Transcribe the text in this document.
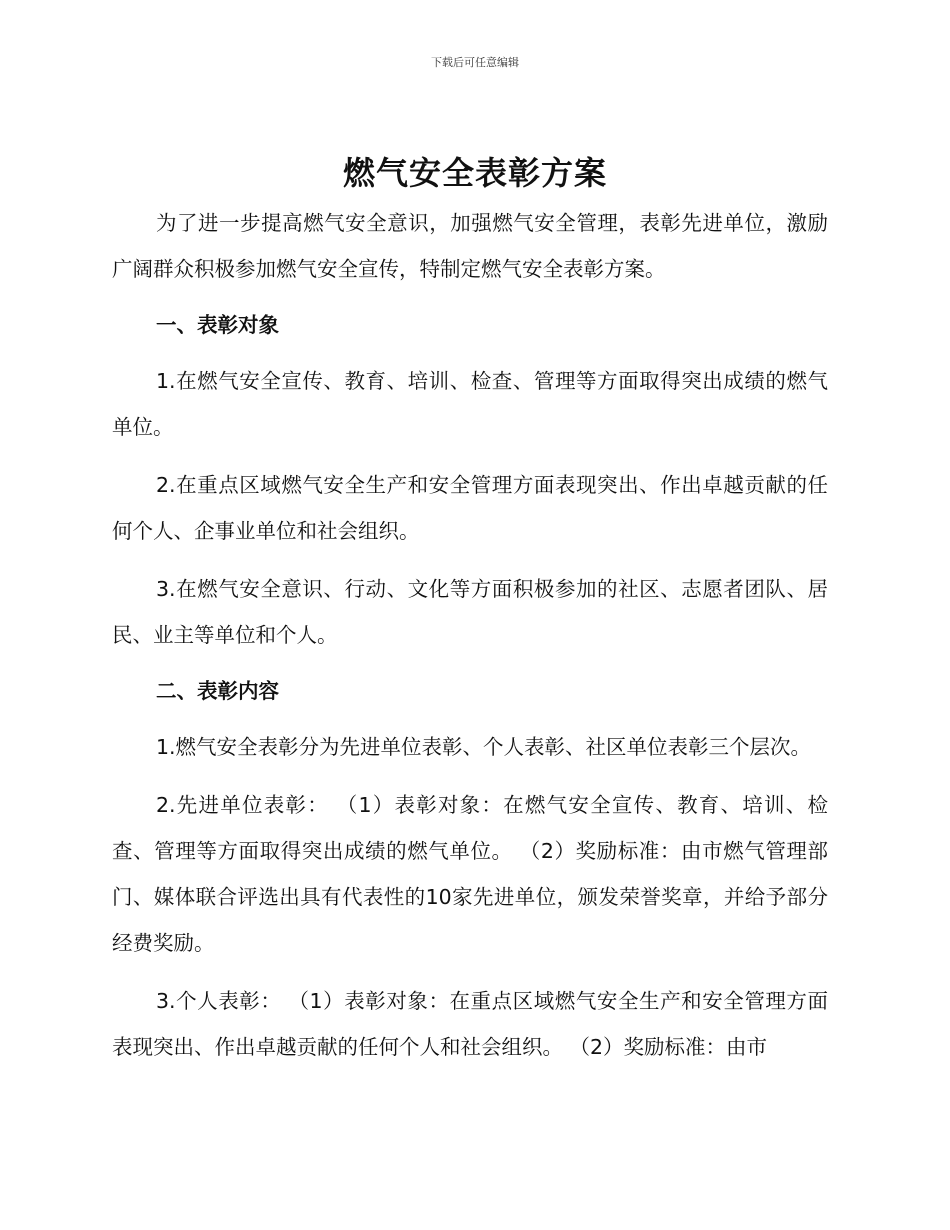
下载后可任意编辑
燃气安全表彰方案

为了进一步提高燃气安全意识，加强燃气安全管理，表彰先进单位，激励广阔群众积极参加燃气安全宣传，特制定燃气安全表彰方案。

一、表彰对象

1.在燃气安全宣传、教育、培训、检查、管理等方面取得突出成绩的燃气单位。

2.在重点区域燃气安全生产和安全管理方面表现突出、作出卓越贡献的任何个人、企事业单位和社会组织。

3.在燃气安全意识、行动、文化等方面积极参加的社区、志愿者团队、居民、业主等单位和个人。

二、表彰内容

1.燃气安全表彰分为先进单位表彰、个人表彰、社区单位表彰三个层次。

2.先进单位表彰： （1）表彰对象：在燃气安全宣传、教育、培训、检查、管理等方面取得突出成绩的燃气单位。 （2）奖励标准：由市燃气管理部门、媒体联合评选出具有代表性的10家先进单位，颁发荣誉奖章，并给予部分经费奖励。

3.个人表彰： （1）表彰对象：在重点区域燃气安全生产和安全管理方面表现突出、作出卓越贡献的任何个人和社会组织。 （2）奖励标准：由市
